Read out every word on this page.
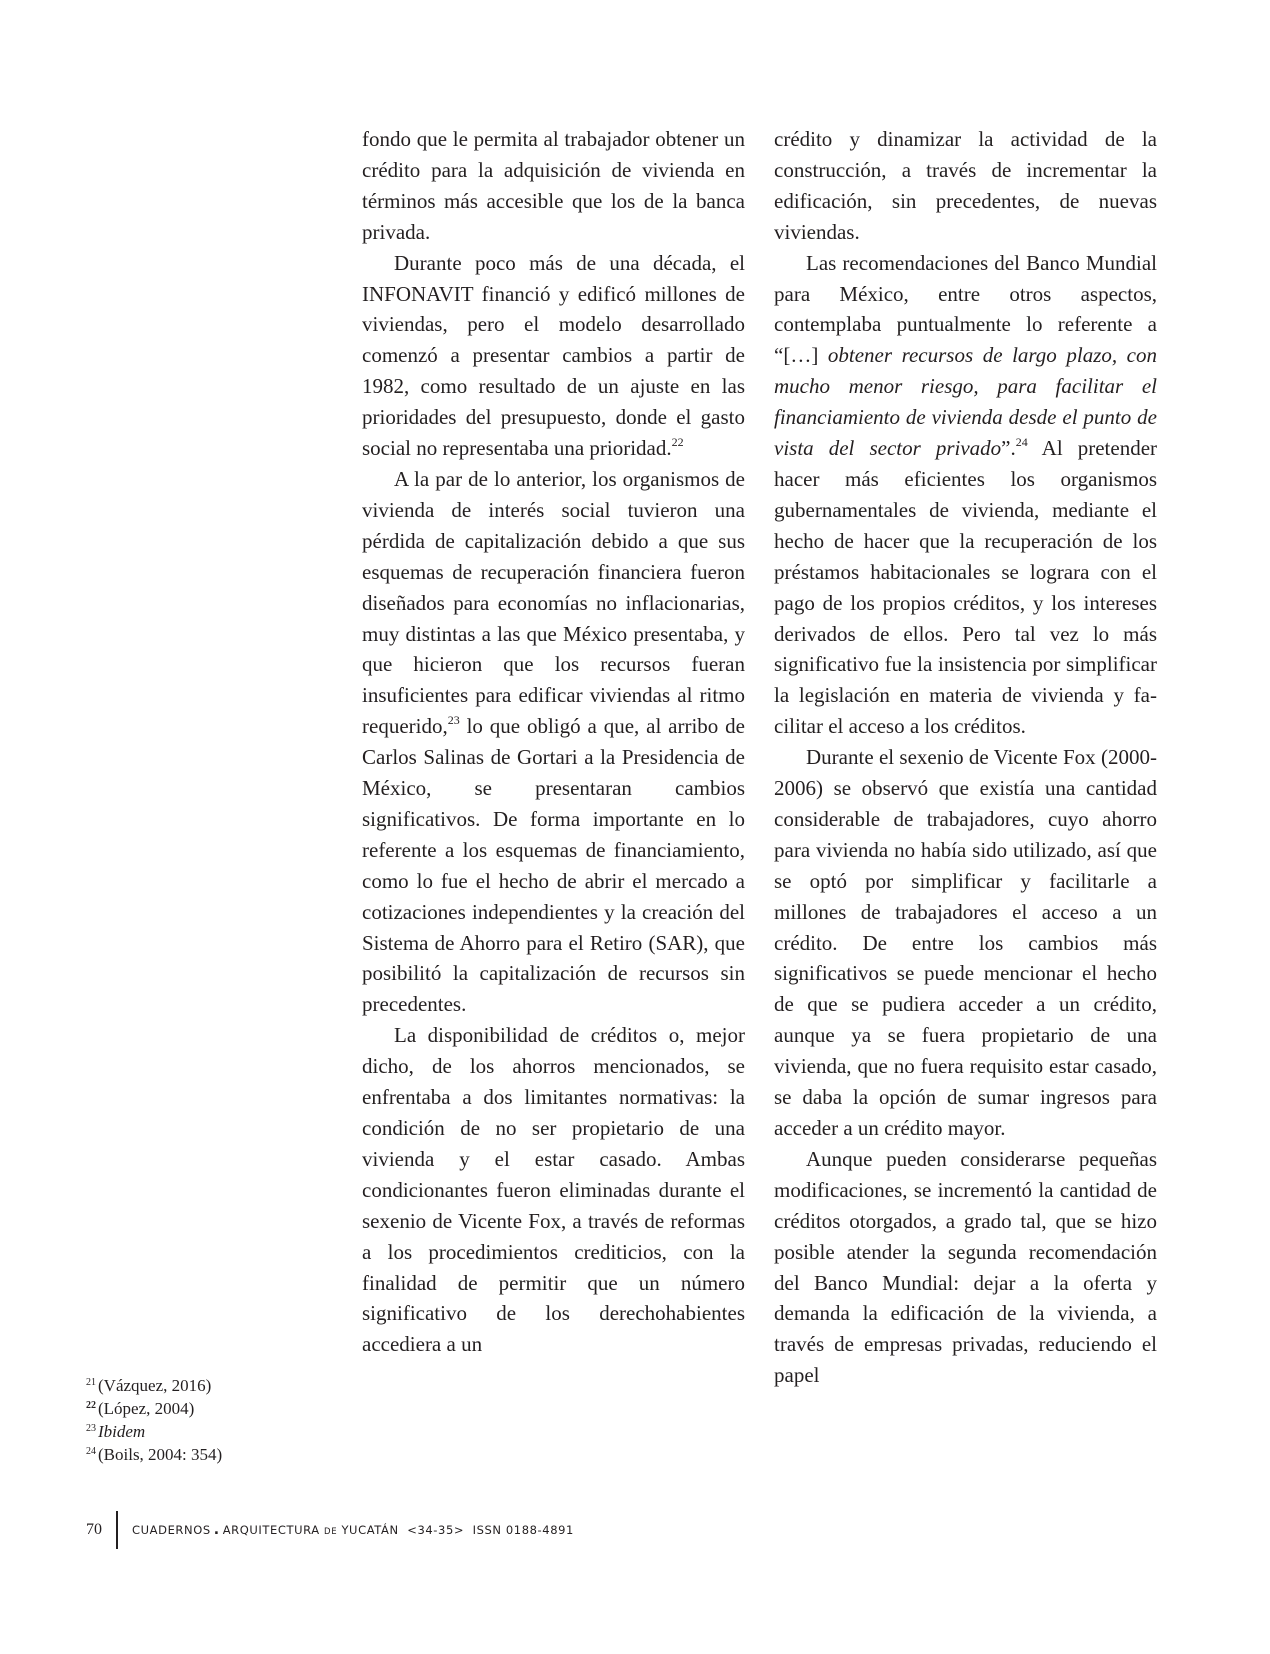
fondo que le permita al trabajador obtener un crédito para la adquisición de vivienda en términos más accesible que los de la banca privada.

Durante poco más de una década, el INFONAVIT financió y edificó millones de viviendas, pero el modelo desarrollado comenzó a presentar cambios a partir de 1982, como resultado de un ajuste en las prioridades del presupuesto, donde el gasto social no representaba una prioridad.$^{22}$

A la par de lo anterior, los organismos de vivienda de interés social tuvieron una pérdida de capitalización debido a que sus esquemas de recuperación financiera fueron diseñados para economías no inflacionarias, muy distintas a las que México presentaba, y que hicieron que los recursos fueran insuficientes para edificar viviendas al ritmo requerido,$^{23}$ lo que obligó a que, al arribo de Carlos Salinas de Gortari a la Presidencia de México, se presentaran cambios significativos. De forma importante en lo referente a los esquemas de financiamiento, como lo fue el hecho de abrir el mercado a cotizaciones independientes y la creación del Sistema de Ahorro para el Retiro (SAR), que posibilitó la capitalización de recursos sin precedentes.

La disponibilidad de créditos o, mejor dicho, de los ahorros mencionados, se enfrentaba a dos limitantes normativas: la condición de no ser propietario de una vivienda y el estar casado. Ambas condicionantes fueron eliminadas durante el sexenio de Vicente Fox, a través de reformas a los procedimientos crediticios, con la finalidad de permitir que un número significativo de los derechohabientes accediera a un

crédito y dinamizar la actividad de la construcción, a través de incrementar la edificación, sin precedentes, de nuevas viviendas.

Las recomendaciones del Banco Mundial para México, entre otros aspectos, contemplaba puntualmente lo referente a “[…] obtener recursos de largo plazo, con mucho menor riesgo, para facilitar el financiamiento de vivienda desde el punto de vista del sector privado”.$^{24}$ Al pretender hacer más eficientes los organismos gubernamentales de vivienda, mediante el hecho de hacer que la recuperación de los préstamos habitacionales se lograra con el pago de los propios créditos, y los intereses derivados de ellos. Pero tal vez lo más significativo fue la insistencia por simplificar la legislación en materia de vivienda y facilitar el acceso a los créditos.

Durante el sexenio de Vicente Fox (2000-2006) se observó que existía una cantidad considerable de trabajadores, cuyo ahorro para vivienda no había sido utilizado, así que se optó por simplificar y facilitarle a millones de trabajadores el acceso a un crédito. De entre los cambios más significativos se puede mencionar el hecho de que se pudiera acceder a un crédito, aunque ya se fuera propietario de una vivienda, que no fuera requisito estar casado, se daba la opción de sumar ingresos para acceder a un crédito mayor.

Aunque pueden considerarse pequeñas modificaciones, se incrementó la cantidad de créditos otorgados, a grado tal, que se hizo posible atender la segunda recomendación del Banco Mundial: dejar a la oferta y demanda la edificación de la vivienda, a través de empresas privadas, reduciendo el papel

$^{21}$ (Vázquez, 2016)
$^{22}$ (López, 2004)
$^{23}$ Ibidem
$^{24}$ (Boils, 2004: 354)
70	CUADERNOS . ARQUITECTURA DE YUCATÁN <34-35> ISSN 0188-4891
